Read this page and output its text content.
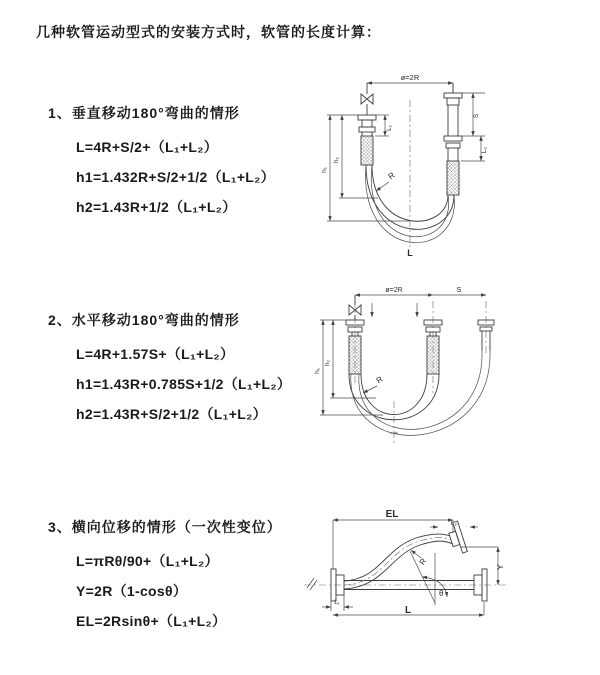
几种软管运动型式的安装方式时，软管的长度计算：
1、垂直移动180°弯曲的情形
L=4R+S/2+（L₁+L₂）
h1=1.432R+S/2+1/2（L₁+L₂）
h2=1.43R+1/2（L₁+L₂）
2、水平移动180°弯曲的情形
L=4R+1.57S+（L₁+L₂）
h1=1.43R+0.785S+1/2（L₁+L₂）
h2=1.43R+S/2+1/2（L₁+L₂）
3、横向位移的情形（一次性变位）
L=πRθ/90+（L₁+L₂）
Y=2R（1-cosθ）
EL=2Rsinθ+（L₁+L₂）
ø=2R
L₁
S
L₂
h₁
h₂
R
L
ø=2R	S
h₁
h₂
R
EL
L₂
Y
θ
R
L₁
L
